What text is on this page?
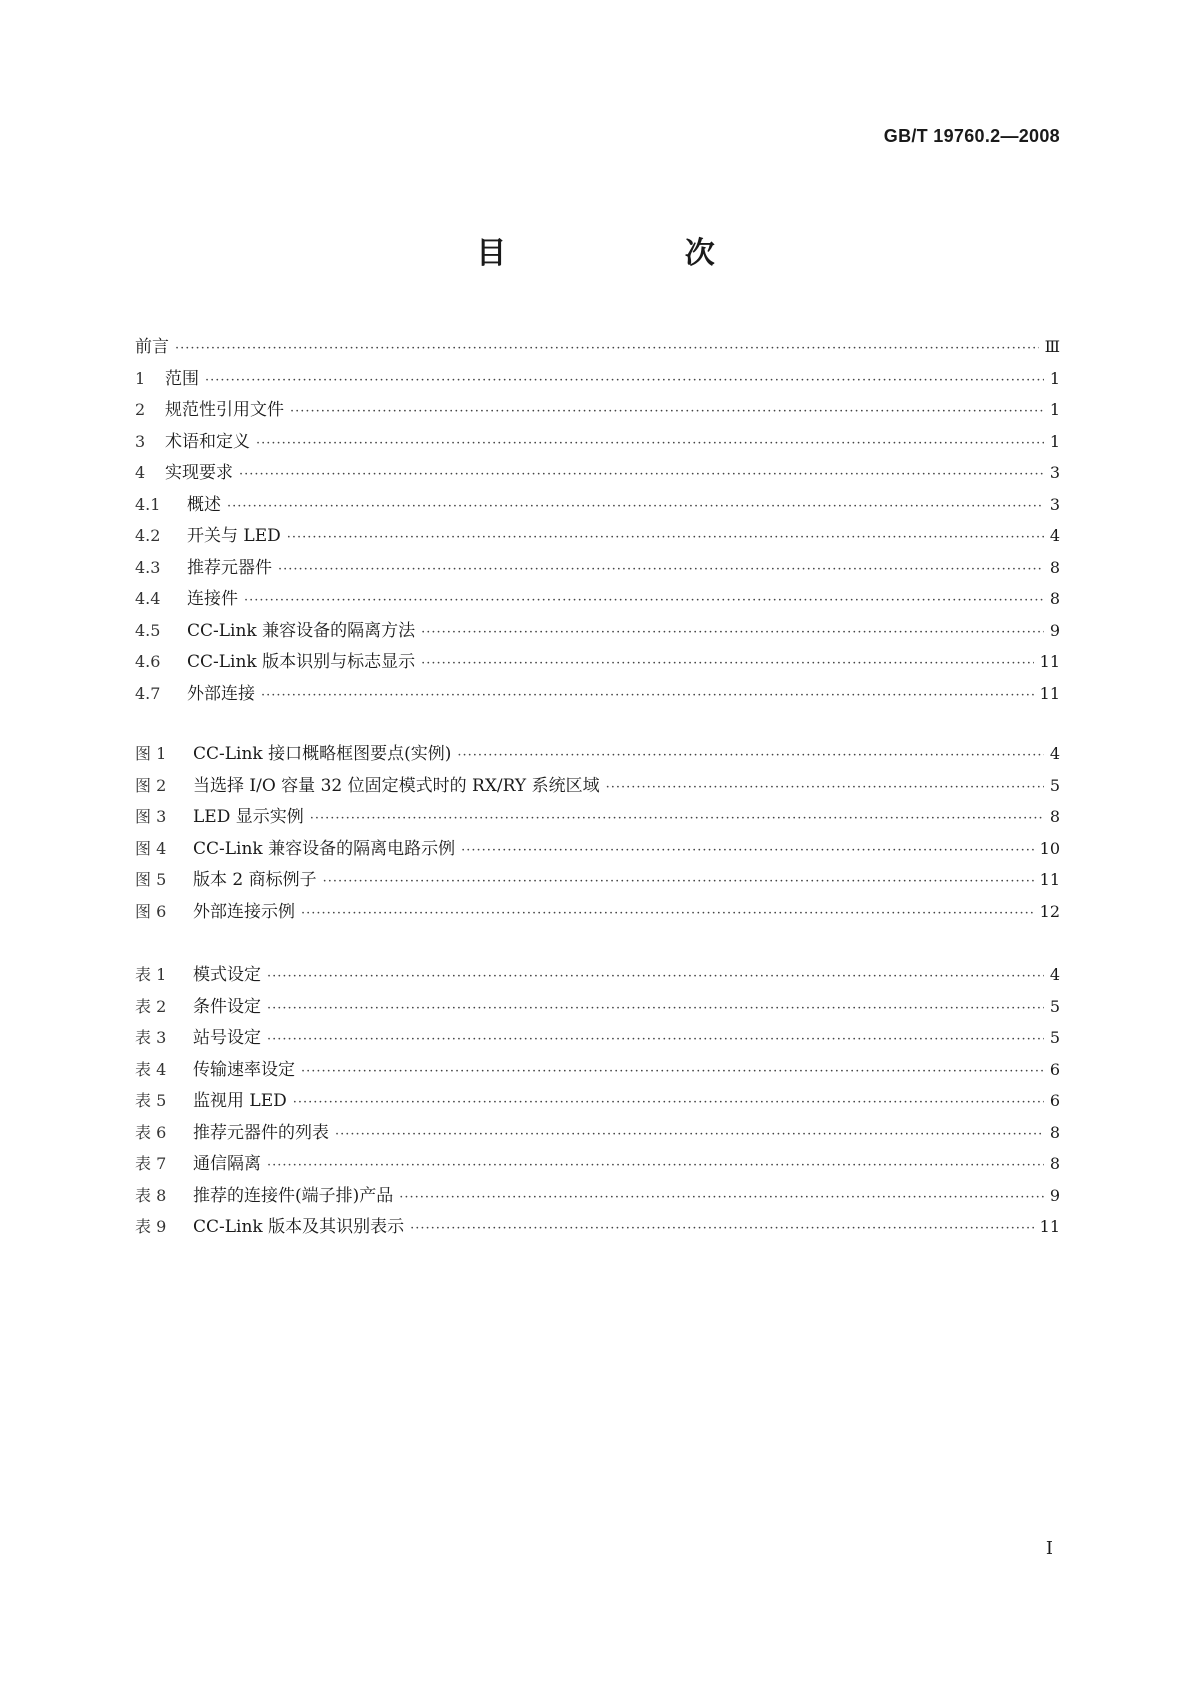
GB/T 19760.2—2008
目 次
前言 ·····	Ⅲ
1	范围 ·····	1
2	规范性引用文件 ·····	1
3	术语和定义 ·····	1
4	实现要求 ·····	3
4.1	概述 ·····	3
4.2	开关与 LED ·····	4
4.3	推荐元器件 ·····	8
4.4	连接件 ·····	8
4.5	CC-Link 兼容设备的隔离方法 ·····	9
4.6	CC-Link 版本识别与标志显示 ·····	11
4.7	外部连接 ·····	11
图 1	CC-Link 接口概略框图要点(实例) ·····	4
图 2	当选择 I/O 容量 32 位固定模式时的 RX/RY 系统区域 ·····	5
图 3	LED 显示实例 ·····	8
图 4	CC-Link 兼容设备的隔离电路示例 ·····	10
图 5	版本 2 商标例子 ·····	11
图 6	外部连接示例 ·····	12
表 1	模式设定 ·····	4
表 2	条件设定 ·····	5
表 3	站号设定 ·····	5
表 4	传输速率设定 ·····	6
表 5	监视用 LED ·····	6
表 6	推荐元器件的列表 ·····	8
表 7	通信隔离 ·····	8
表 8	推荐的连接件(端子排)产品 ·····	9
表 9	CC-Link 版本及其识别表示 ·····	11
I
